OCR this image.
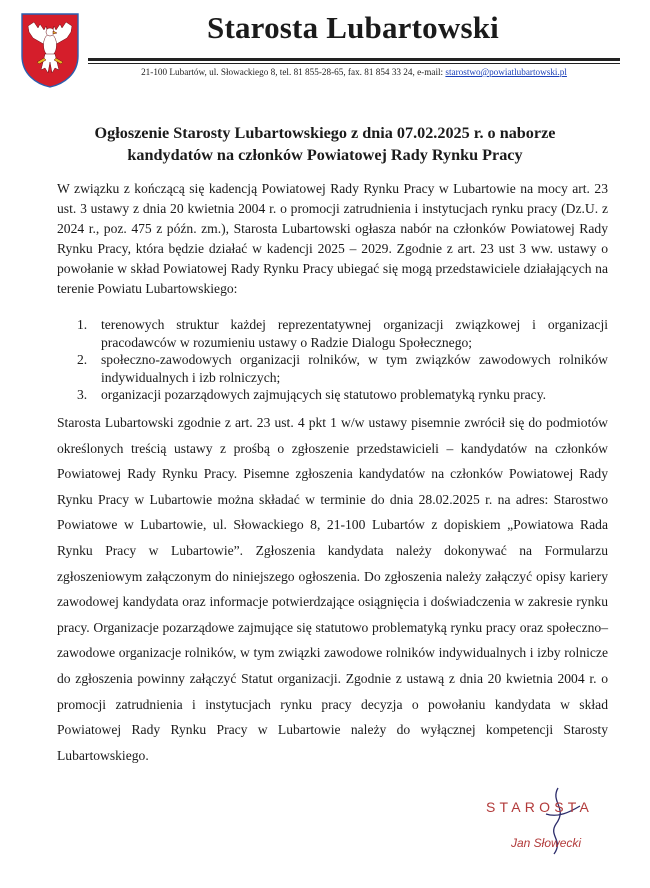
Starosta Lubartowski
21-100 Lubartów, ul. Słowackiego 8, tel. 81 855-28-65, fax. 81 854 33 24, e-mail: starostwo@powiatlubartowski.pl
Ogłoszenie Starosty Lubartowskiego z dnia 07.02.2025 r. o naborze
kandydatów na członków Powiatowej Rady Rynku Pracy
W związku z kończącą się kadencją Powiatowej Rady Rynku Pracy w Lubartowie na mocy art. 23 ust. 3 ustawy z dnia 20 kwietnia 2004 r. o promocji zatrudnienia i instytucjach rynku pracy (Dz.U. z 2024 r., poz. 475 z późn. zm.), Starosta Lubartowski ogłasza nabór na członków Powiatowej Rady Rynku Pracy, która będzie działać w kadencji 2025 – 2029. Zgodnie z art. 23 ust 3 ww. ustawy o powołanie w skład Powiatowej Rady Rynku Pracy ubiegać się mogą przedstawiciele działających na terenie Powiatu Lubartowskiego:
1. terenowych struktur każdej reprezentatywnej organizacji związkowej i organizacji pracodawców w rozumieniu ustawy o Radzie Dialogu Społecznego;
2. społeczno-zawodowych organizacji rolników, w tym związków zawodowych rolników indywidualnych i izb rolniczych;
3. organizacji pozarządowych zajmujących się statutowo problematyką rynku pracy.
Starosta Lubartowski zgodnie z art. 23 ust. 4 pkt 1 w/w ustawy pisemnie zwrócił się do podmiotów określonych treścią ustawy z prośbą o zgłoszenie przedstawicieli – kandydatów na członków Powiatowej Rady Rynku Pracy. Pisemne zgłoszenia kandydatów na członków Powiatowej Rady Rynku Pracy w Lubartowie można składać w terminie do dnia 28.02.2025 r. na adres: Starostwo Powiatowe w Lubartowie, ul. Słowackiego 8, 21-100 Lubartów z dopiskiem „Powiatowa Rada Rynku Pracy w Lubartowie”. Zgłoszenia kandydata należy dokonywać na Formularzu zgłoszeniowym załączonym do niniejszego ogłoszenia. Do zgłoszenia należy załączyć opisy kariery zawodowej kandydata oraz informacje potwierdzające osiągnięcia i doświadczenia w zakresie rynku pracy. Organizacje pozarządowe zajmujące się statutowo problematyką rynku pracy oraz społeczno–zawodowe organizacje rolników, w tym związki zawodowe rolników indywidualnych i izby rolnicze do zgłoszenia powinny załączyć Statut organizacji. Zgodnie z ustawą z dnia 20 kwietnia 2004 r. o promocji zatrudnienia i instytucjach rynku pracy decyzja o powołaniu kandydata w skład Powiatowej Rady Rynku Pracy w Lubartowie należy do wyłącznej kompetencji Starosty Lubartowskiego.
STAROSTA
Jan Słowecki
